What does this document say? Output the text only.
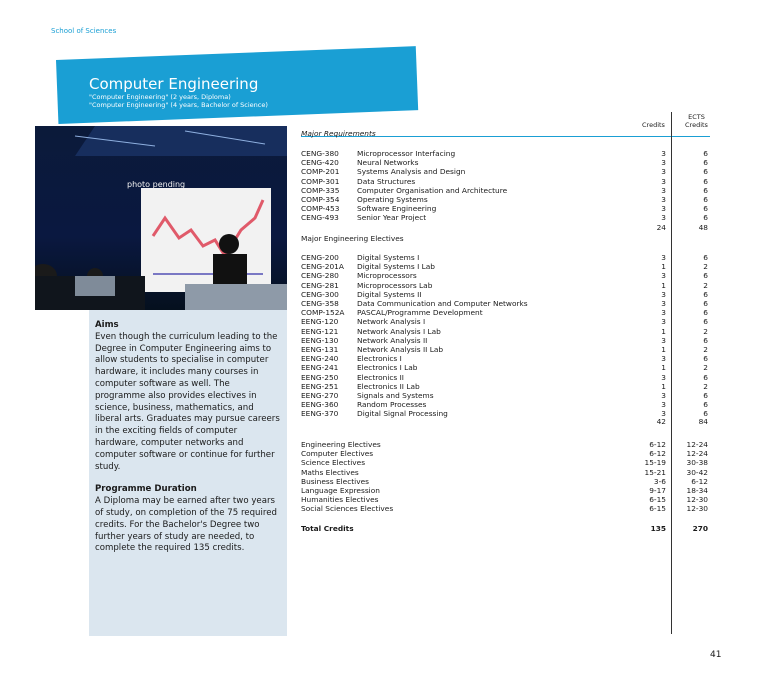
School of Sciences
Computer Engineering
"Computer Engineering" (2 years, Diploma)
"Computer Engineering" (4 years, Bachelor of Science)
photo pending
Aims

Even though the curriculum leading to the Degree in Computer Engineering aims to allow students to specialise in computer hardware, it includes many courses in computer software as well. The programme also provides electives in science, business, mathematics, and liberal arts. Graduates may pursue careers in the exciting fields of computer hardware, computer networks and computer software or continue for further study.

Programme Duration

A Diploma may be earned after two years of study, on completion of the 75 required credits. For the Bachelor's Degree two further years of study are needed, to complete the required 135 credits.

Credits
ECTS
Credits
Major Requirements
CENG-380 Microprocessor Interfacing	3	6
CENG-420 Neural Networks	3	6
COMP-201 Systems Analysis and Design	3	6
COMP-301 Data Structures	3	6
COMP-335 Computer Organisation and Architecture	3	6
COMP-354 Operating Systems	3	6
COMP-453 Software Engineering	3	6
CENG-493 Senior Year Project	3	6
24	48
Major Engineering Electives
CENG-200 Digital Systems I	3	6
CENG-201A Digital Systems I Lab	1	2
CENG-280 Microprocessors	3	6
CENG-281 Microprocessors Lab	1	2
CENG-300 Digital Systems II	3	6
CENG-358 Data Communication and Computer Networks	3	6
COMP-152A PASCAL/Programme Development	3	6
EENG-120	Network Analysis I	3	6
EENG-121	Network Analysis I Lab	1	2
EENG-130	Network Analysis II	3	6
EENG-131	Network Analysis II Lab	1	2
EENG-240	Electronics I	3	6
EENG-241	Electronics I Lab	1	2
EENG-250	Electronics II	3	6
EENG-251	Electronics II Lab	1	2
EENG-270	Signals and Systems	3	6
EENG-360	Random Processes	3	6
EENG-370	Digital Signal Processing	3	6
42	84
Engineering Electives	6-12	12-24
Computer Electives	6-12	12-24
Science Electives	15-19	30-38
Maths Electives	15-21	30-42
Business Electives	3-6	6-12
Language Expression	9-17	18-34
Humanities Electives	6-15	12-30
Social Sciences Electives	6-15	12-30
Total Credits	135	270
41
